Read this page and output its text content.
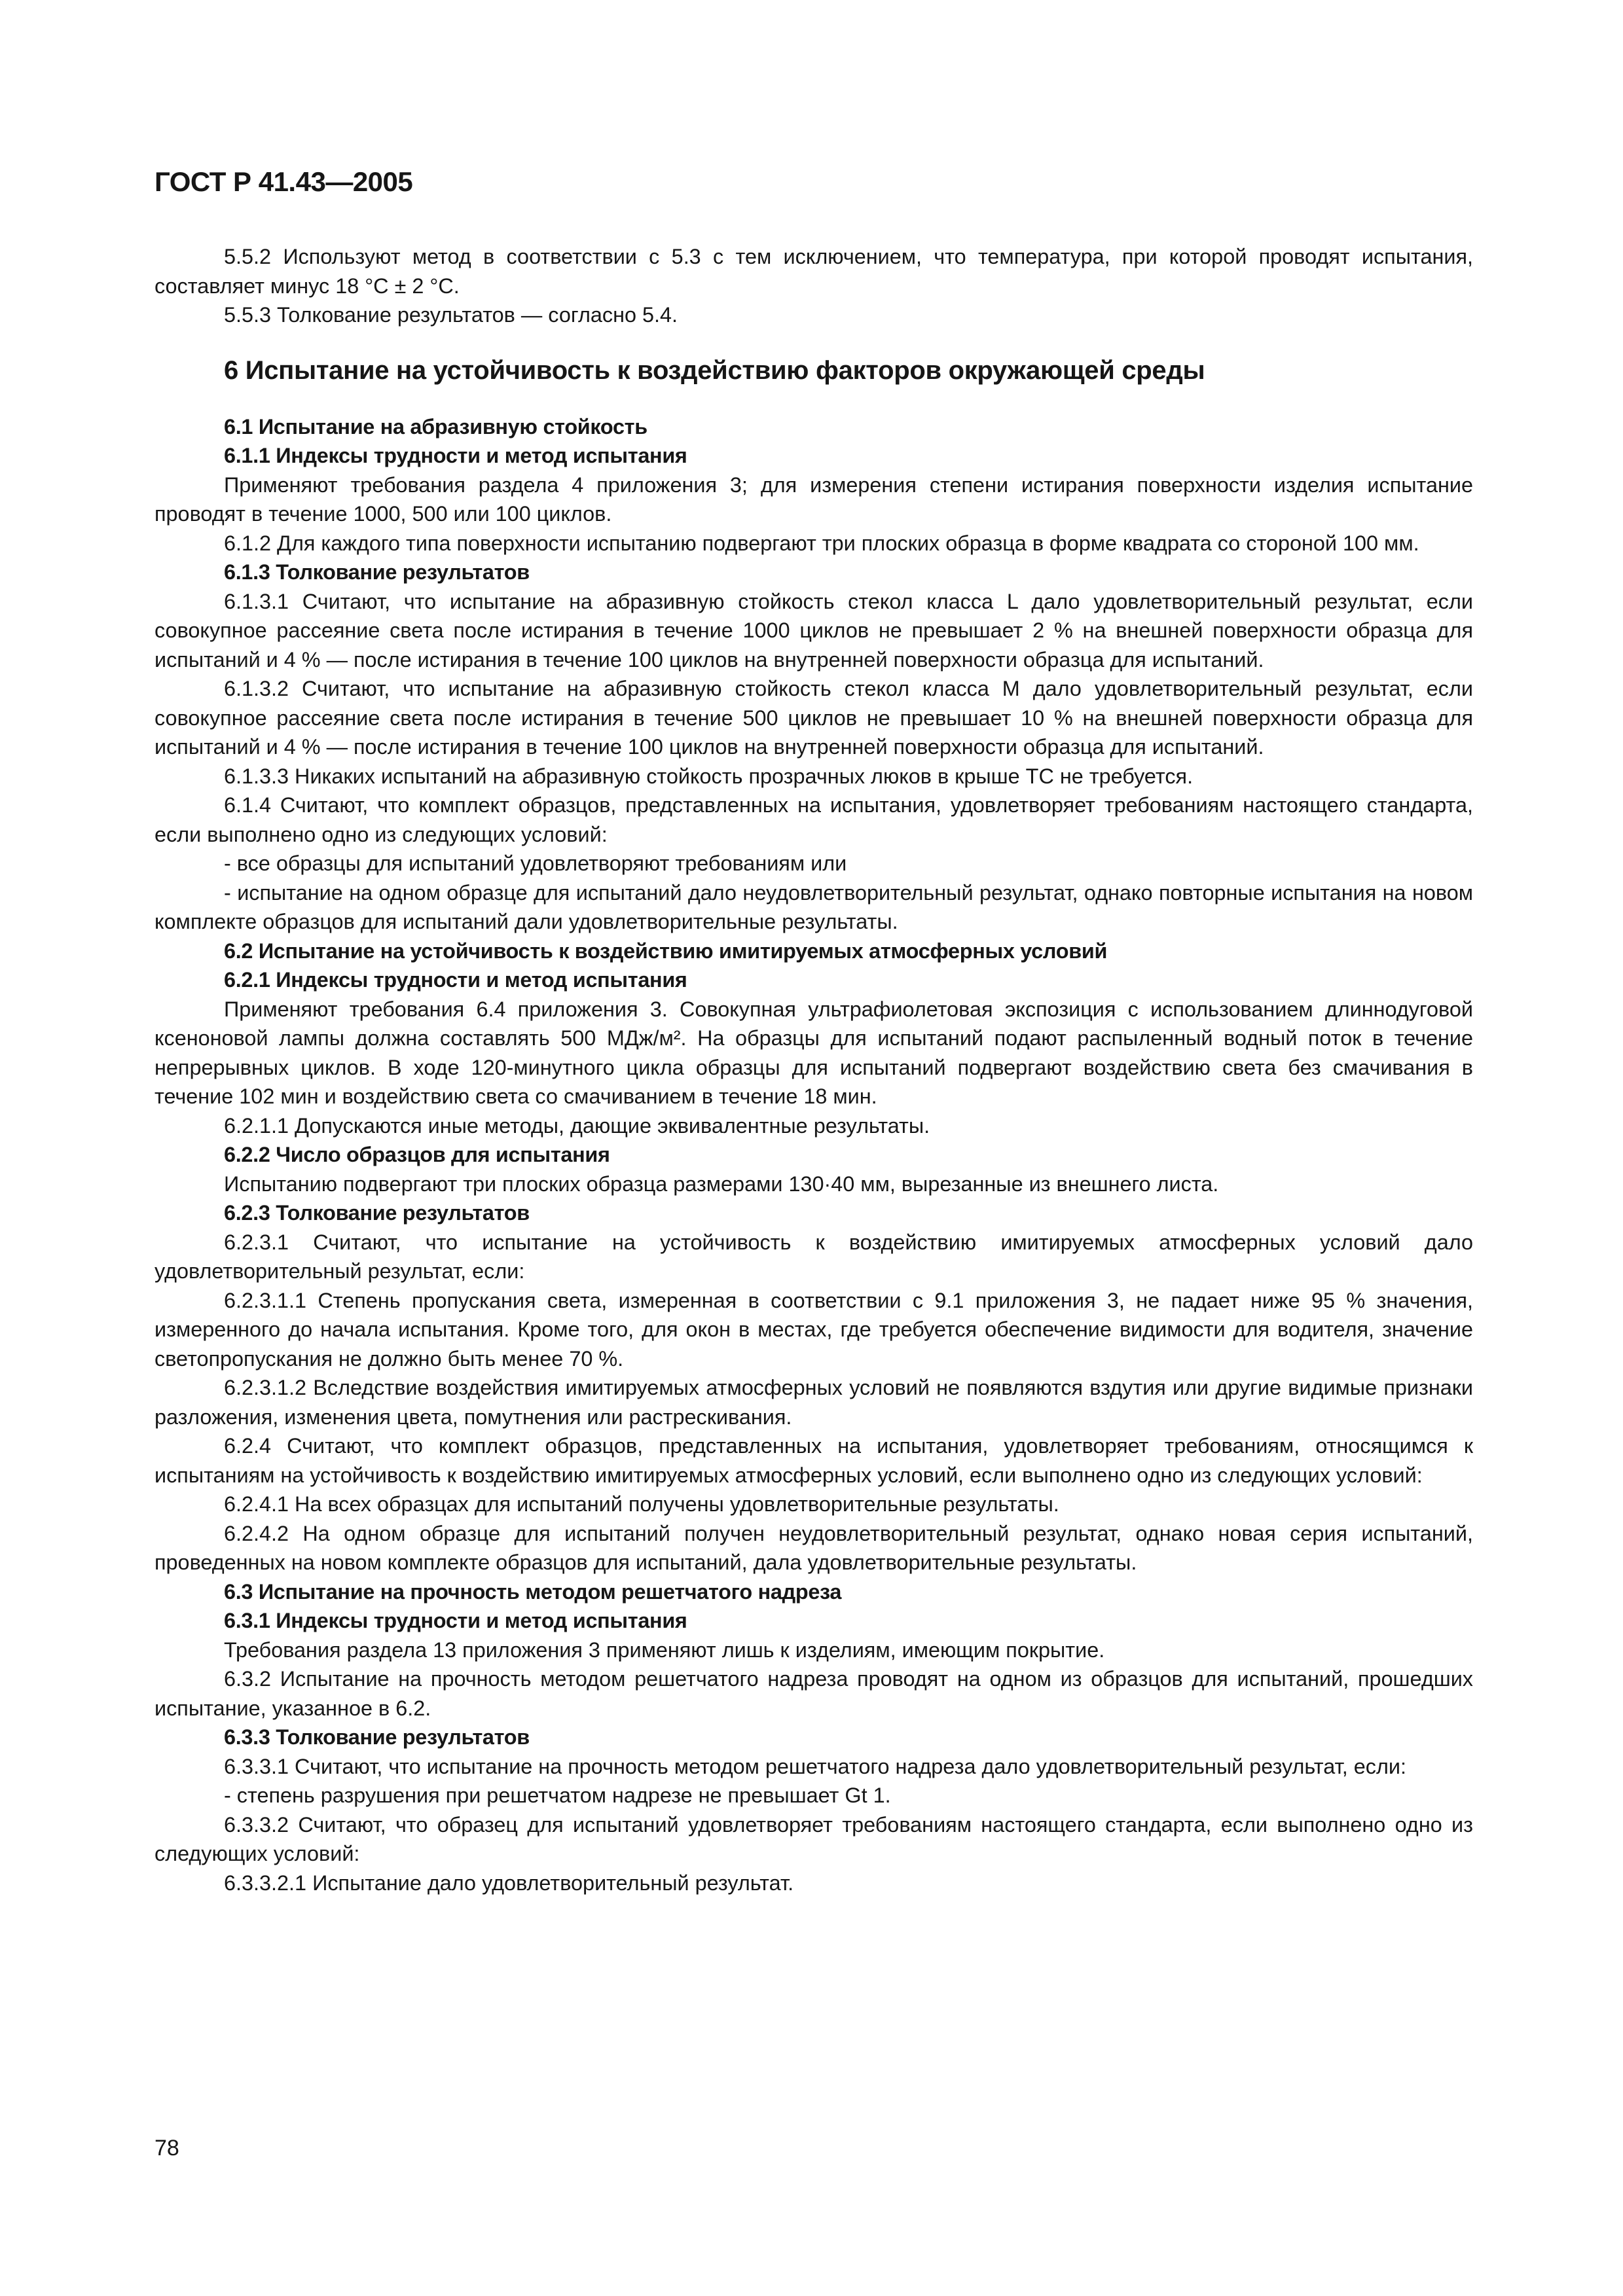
ГОСТ Р 41.43—2005

5.5.2 Используют метод в соответствии с 5.3 с тем исключением, что температура, при которой проводят испытания, составляет минус 18 °С ± 2 °С.

5.5.3 Толкование результатов — согласно 5.4.

6 Испытание на устойчивость к воздействию факторов окружающей среды

6.1 Испытание на абразивную стойкость

6.1.1 Индексы трудности и метод испытания

Применяют требования раздела 4 приложения 3; для измерения степени истирания поверхности изделия испытание проводят в течение 1000, 500 или 100 циклов.

6.1.2 Для каждого типа поверхности испытанию подвергают три плоских образца в форме квадрата со стороной 100 мм.

6.1.3 Толкование результатов

6.1.3.1 Считают, что испытание на абразивную стойкость стекол класса L дало удовлетворительный результат, если совокупное рассеяние света после истирания в течение 1000 циклов не превышает 2 % на внешней поверхности образца для испытаний и 4 % — после истирания в течение 100 циклов на внутренней поверхности образца для испытаний.

6.1.3.2 Считают, что испытание на абразивную стойкость стекол класса М дало удовлетворительный результат, если совокупное рассеяние света после истирания в течение 500 циклов не превышает 10 % на внешней поверхности образца для испытаний и 4 % — после истирания в течение 100 циклов на внутренней поверхности образца для испытаний.

6.1.3.3 Никаких испытаний на абразивную стойкость прозрачных люков в крыше ТС не требуется.

6.1.4 Считают, что комплект образцов, представленных на испытания, удовлетворяет требованиям настоящего стандарта, если выполнено одно из следующих условий:

- все образцы для испытаний удовлетворяют требованиям или

- испытание на одном образце для испытаний дало неудовлетворительный результат, однако повторные испытания на новом комплекте образцов для испытаний дали удовлетворительные результаты.

6.2 Испытание на устойчивость к воздействию имитируемых атмосферных условий

6.2.1 Индексы трудности и метод испытания

Применяют требования 6.4 приложения 3. Совокупная ультрафиолетовая экспозиция с использованием длиннодуговой ксеноновой лампы должна составлять 500 МДж/м². На образцы для испытаний подают распыленный водный поток в течение непрерывных циклов. В ходе 120-минутного цикла образцы для испытаний подвергают воздействию света без смачивания в течение 102 мин и воздействию света со смачиванием в течение 18 мин.

6.2.1.1 Допускаются иные методы, дающие эквивалентные результаты.

6.2.2 Число образцов для испытания

Испытанию подвергают три плоских образца размерами 130·40 мм, вырезанные из внешнего листа.

6.2.3 Толкование результатов

6.2.3.1 Считают, что испытание на устойчивость к воздействию имитируемых атмосферных условий дало удовлетворительный результат, если:

6.2.3.1.1 Степень пропускания света, измеренная в соответствии с 9.1 приложения 3, не падает ниже 95 % значения, измеренного до начала испытания. Кроме того, для окон в местах, где требуется обеспечение видимости для водителя, значение светопропускания не должно быть менее 70 %.

6.2.3.1.2 Вследствие воздействия имитируемых атмосферных условий не появляются вздутия или другие видимые признаки разложения, изменения цвета, помутнения или растрескивания.

6.2.4 Считают, что комплект образцов, представленных на испытания, удовлетворяет требованиям, относящимся к испытаниям на устойчивость к воздействию имитируемых атмосферных условий, если выполнено одно из следующих условий:

6.2.4.1 На всех образцах для испытаний получены удовлетворительные результаты.

6.2.4.2 На одном образце для испытаний получен неудовлетворительный результат, однако новая серия испытаний, проведенных на новом комплекте образцов для испытаний, дала удовлетворительные результаты.

6.3 Испытание на прочность методом решетчатого надреза

6.3.1 Индексы трудности и метод испытания

Требования раздела 13 приложения 3 применяют лишь к изделиям, имеющим покрытие.

6.3.2 Испытание на прочность методом решетчатого надреза проводят на одном из образцов для испытаний, прошедших испытание, указанное в 6.2.

6.3.3 Толкование результатов

6.3.3.1 Считают, что испытание на прочность методом решетчатого надреза дало удовлетворительный результат, если:

- степень разрушения при решетчатом надрезе не превышает Gt 1.

6.3.3.2 Считают, что образец для испытаний удовлетворяет требованиям настоящего стандарта, если выполнено одно из следующих условий:

6.3.3.2.1 Испытание дало удовлетворительный результат.

78
